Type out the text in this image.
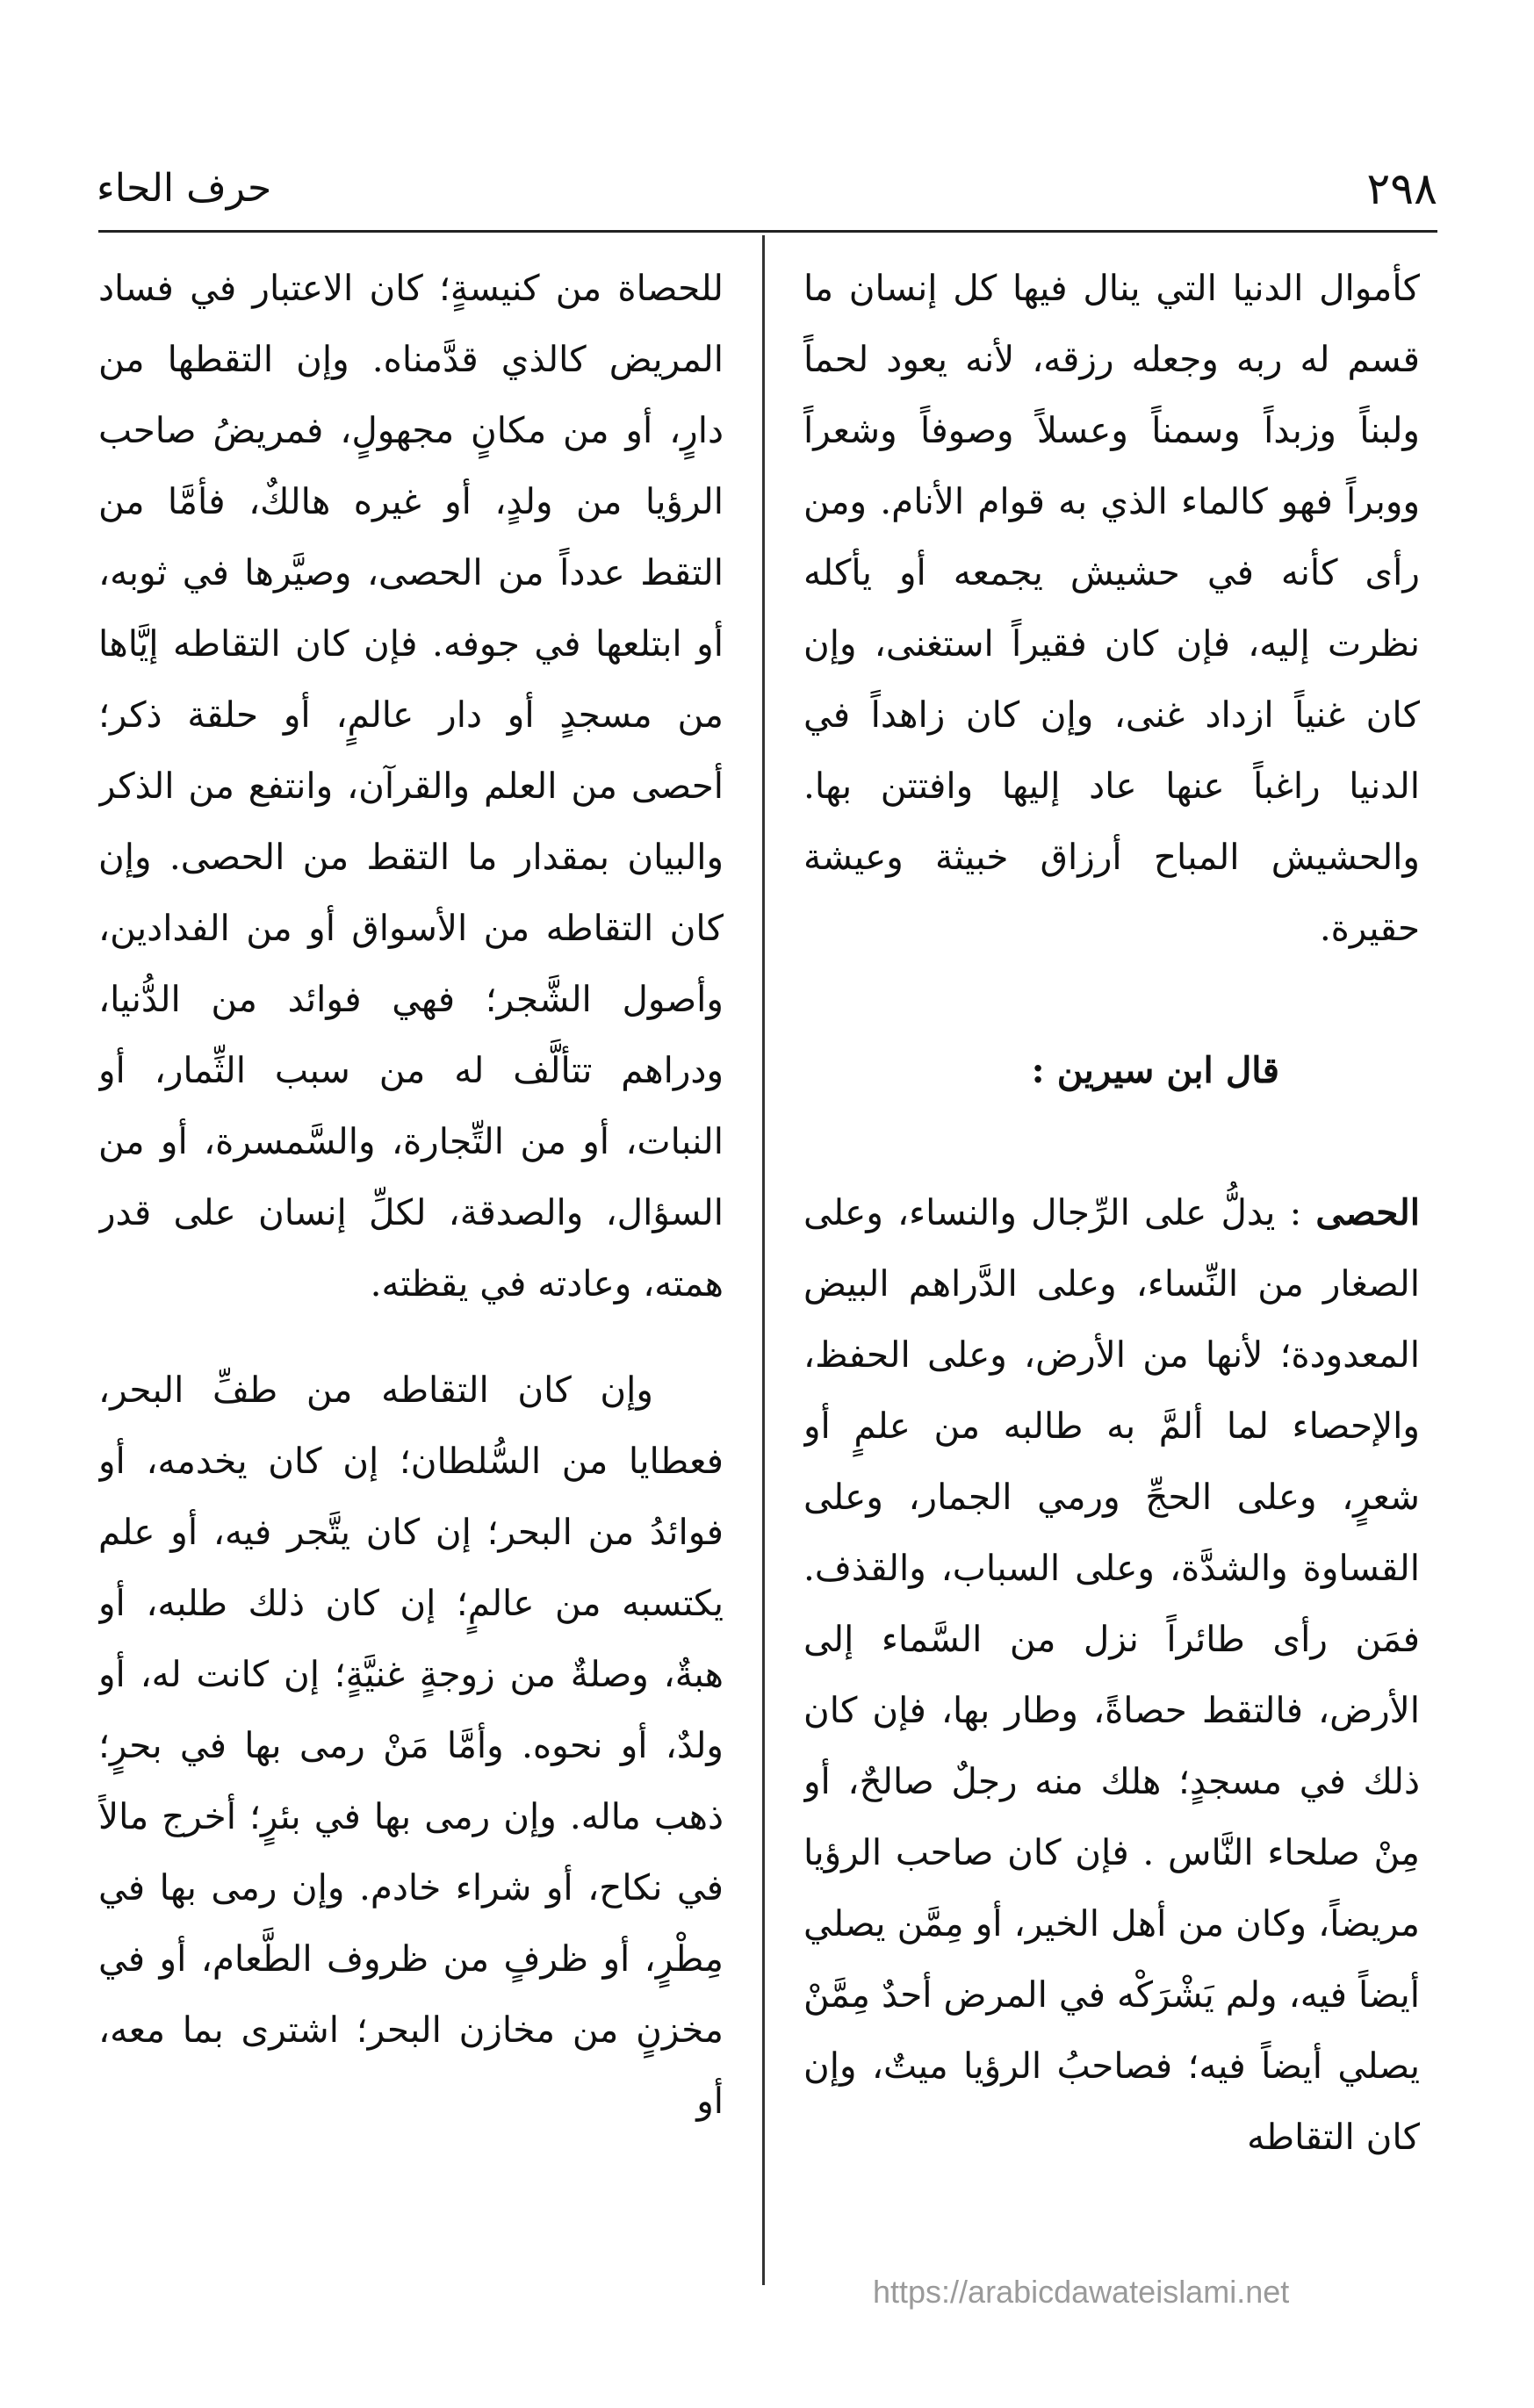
٢٩٨
حرف الحاء

كأموال الدنيا التي ينال فيها كل إنسان ما قسم له ربه وجعله رزقه، لأنه يعود لحماً ولبناً وزبداً وسمناً وعسلاً وصوفاً وشعراً ووبراً فهو كالماء الذي به قوام الأنام. ومن رأى كأنه في حشيش يجمعه أو يأكله نظرت إليه، فإن كان فقيراً استغنى، وإن كان غنياً ازداد غنى، وإن كان زاهداً في الدنيا راغباً عنها عاد إليها وافتتن بها. والحشيش المباح أرزاق خبيثة وعيشة حقيرة.

قال ابن سيرين :

الحصى : يدلُّ على الرِّجال والنساء، وعلى الصغار من النِّساء، وعلى الدَّراهم البيض المعدودة؛ لأنها من الأرض، وعلى الحفظ، والإحصاء لما ألمَّ به طالبه من علمٍ أو شعرٍ، وعلى الحجِّ ورمي الجمار، وعلى القساوة والشدَّة، وعلى السباب، والقذف. فمَن رأى طائراً نزل من السَّماء إلى الأرض، فالتقط حصاةً، وطار بها، فإن كان ذلك في مسجدٍ؛ هلك منه رجلٌ صالحٌ، أو مِنْ صلحاء النَّاس . فإن كان صاحب الرؤيا مريضاً، وكان من أهل الخير، أو مِمَّن يصلي أيضاً فيه، ولم يَشْرَكْه في المرض أحدٌ مِمَّنْ يصلي أيضاً فيه؛ فصاحبُ الرؤيا ميتٌ، وإن كان التقاطه

للحصاة من كنيسةٍ؛ كان الاعتبار في فساد المريض كالذي قدَّمناه. وإن التقطها من دارٍ، أو من مكانٍ مجهولٍ، فمريضُ صاحب الرؤيا من ولدٍ، أو غيره هالكٌ، فأمَّا من التقط عدداً من الحصى، وصيَّرها في ثوبه، أو ابتلعها في جوفه. فإن كان التقاطه إيَّاها من مسجدٍ أو دار عالمٍ، أو حلقة ذكر؛ أحصى من العلم والقرآن، وانتفع من الذكر والبيان بمقدار ما التقط من الحصى. وإن كان التقاطه من الأسواق أو من الفدادين، وأصول الشَّجر؛ فهي فوائد من الدُّنيا، ودراهم تتألَّف له من سبب الثِّمار، أو النبات، أو من التِّجارة، والسَّمسرة، أو من السؤال، والصدقة، لكلِّ إنسان على قدر همته، وعادته في يقظته.

وإن كان التقاطه من طفِّ البحر، فعطايا من السُّلطان؛ إن كان يخدمه، أو فوائدُ من البحر؛ إن كان يتَّجر فيه، أو علم يكتسبه من عالمٍ؛ إن كان ذلك طلبه، أو هبةٌ، وصلةٌ من زوجةٍ غنيَّةٍ؛ إن كانت له، أو ولدٌ، أو نحوه. وأمَّا مَنْ رمى بها في بحرٍ؛ ذهب ماله. وإن رمى بها في بئرٍ؛ أخرج مالاً في نكاح، أو شراء خادم. وإن رمى بها في مِطْرٍ، أو ظرفٍ من ظروف الطَّعام، أو في مخزنٍ من مخازن البحر؛ اشترى بما معه، أو

https://arabicdawateislami.net
